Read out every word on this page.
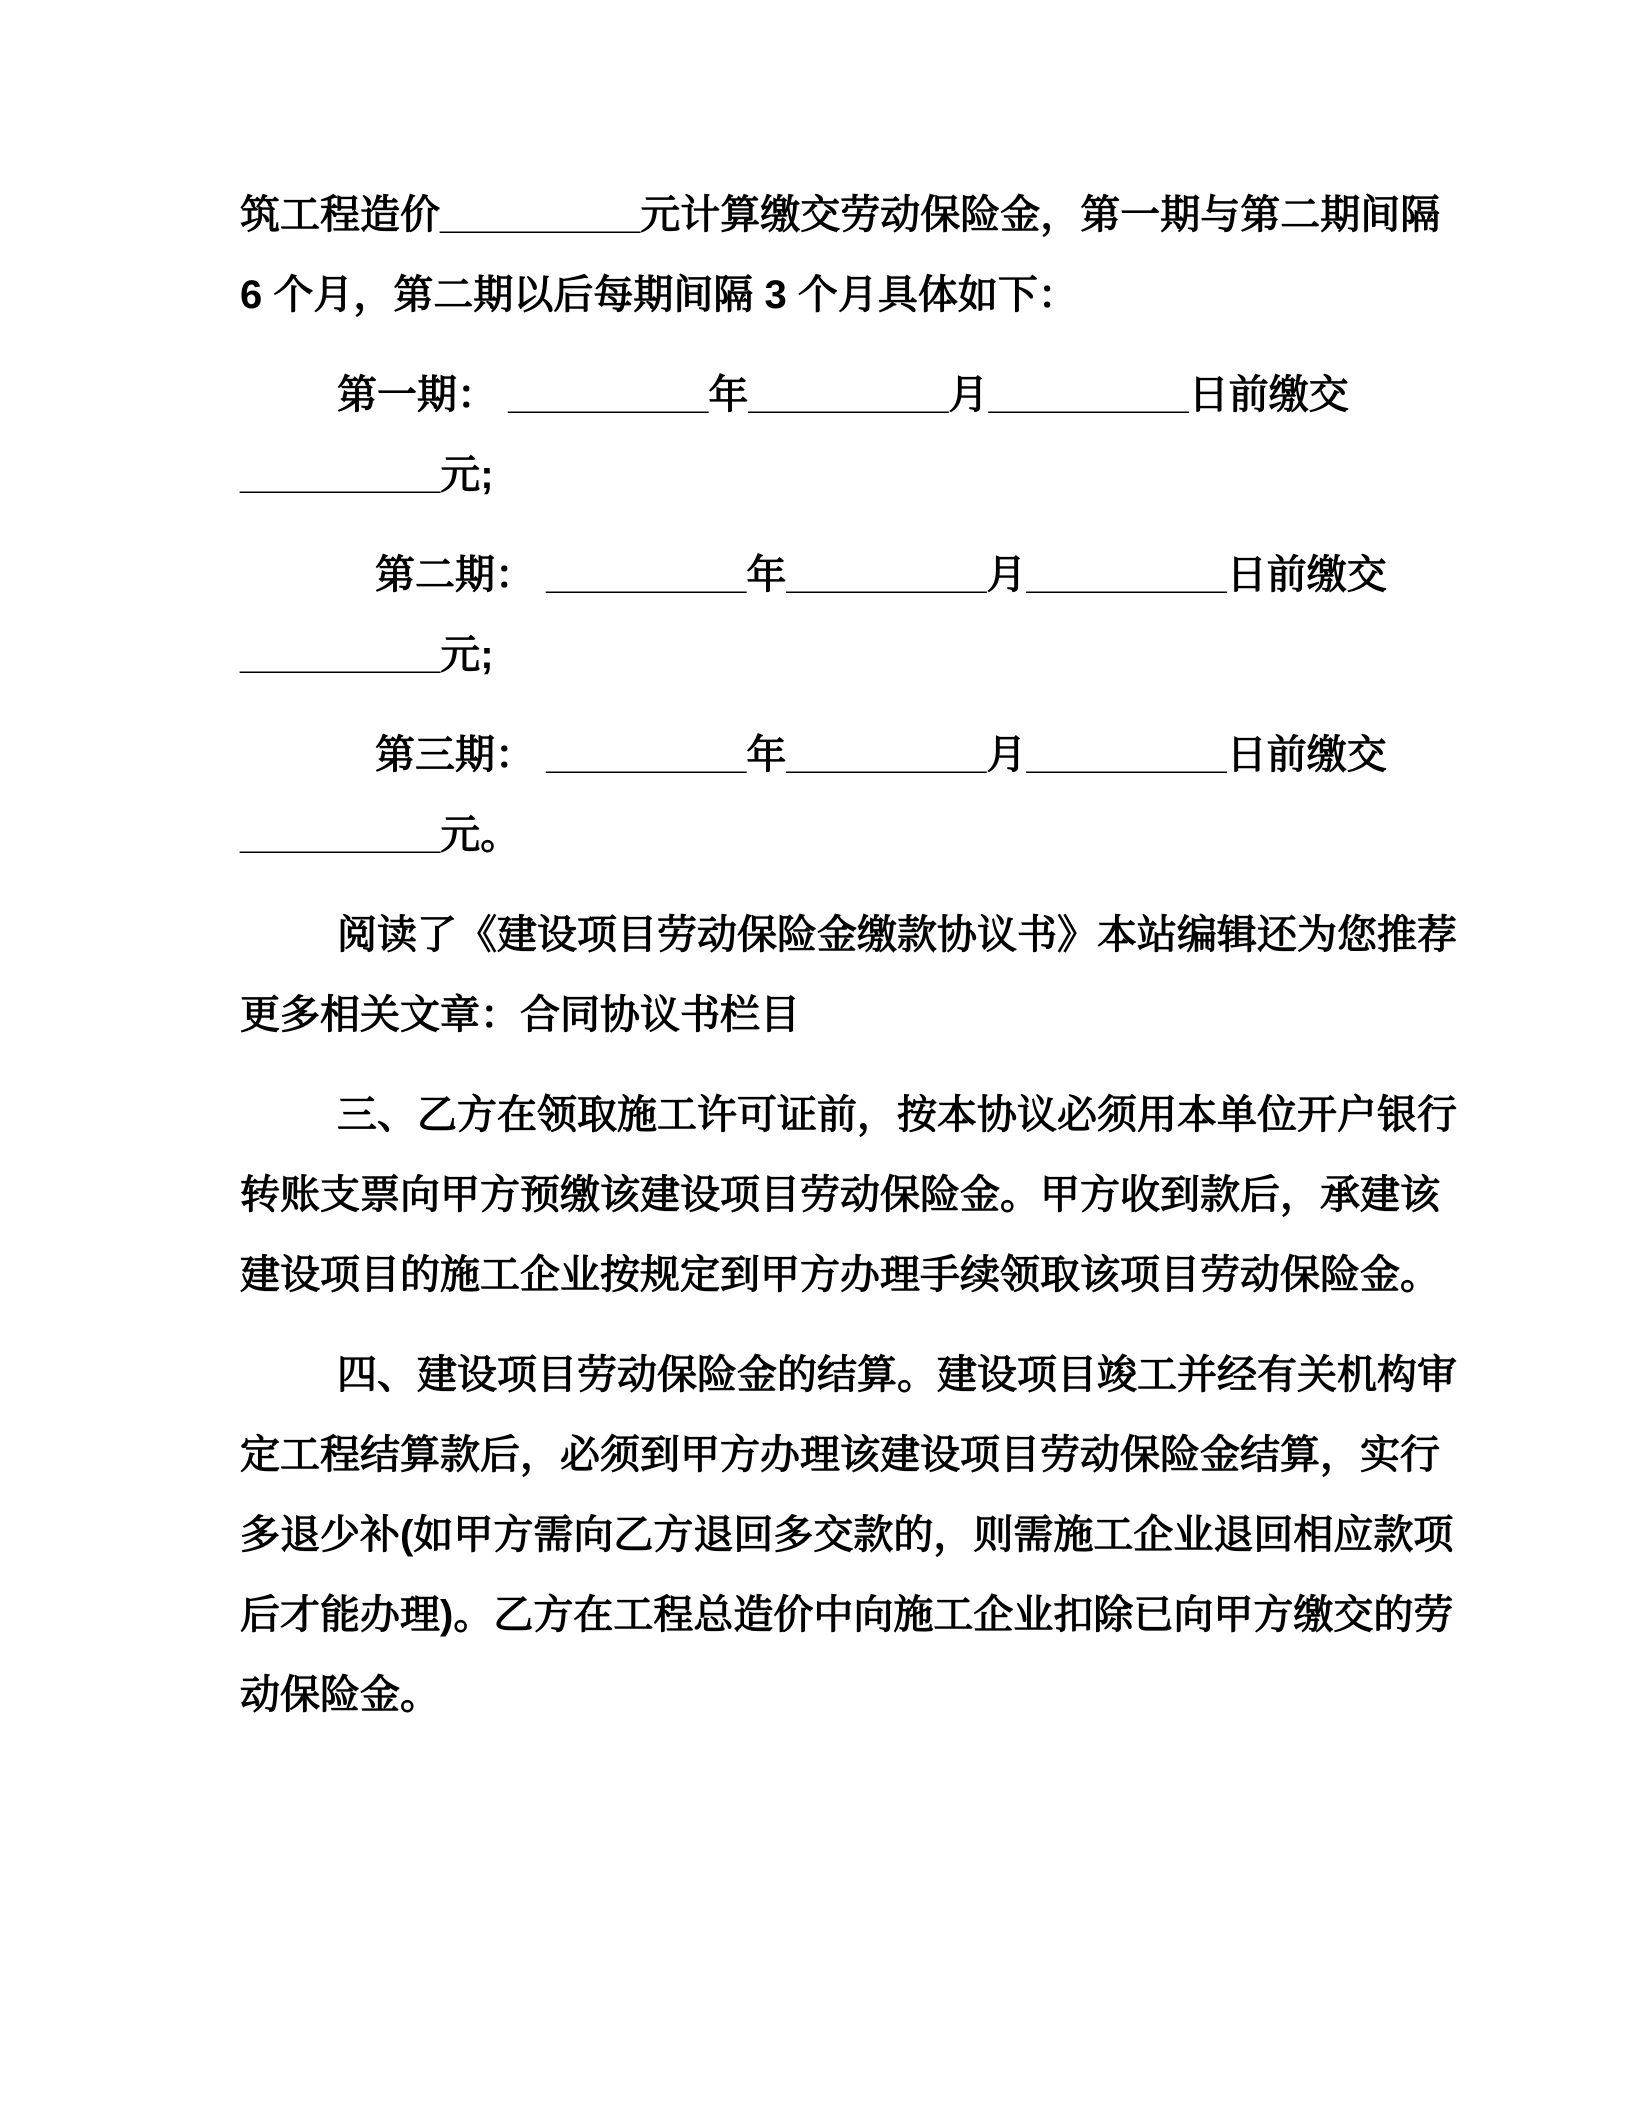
筑工程造价_________元计算缴交劳动保险金，第一期与第二期间隔
6 个月，第二期以后每期间隔 3 个月具体如下：
第一期： _________年_________月_________日前缴交
_________元;
第二期： _________年_________月_________日前缴交
_________元;
第三期： _________年_________月_________日前缴交
_________元。
阅读了《建设项目劳动保险金缴款协议书》本站编辑还为您推荐
更多相关文章：合同协议书栏目
三、乙方在领取施工许可证前，按本协议必须用本单位开户银行
转账支票向甲方预缴该建设项目劳动保险金。甲方收到款后，承建该
建设项目的施工企业按规定到甲方办理手续领取该项目劳动保险金。
四、建设项目劳动保险金的结算。建设项目竣工并经有关机构审
定工程结算款后，必须到甲方办理该建设项目劳动保险金结算，实行
多退少补(如甲方需向乙方退回多交款的，则需施工企业退回相应款项
后才能办理)。乙方在工程总造价中向施工企业扣除已向甲方缴交的劳
动保险金。
